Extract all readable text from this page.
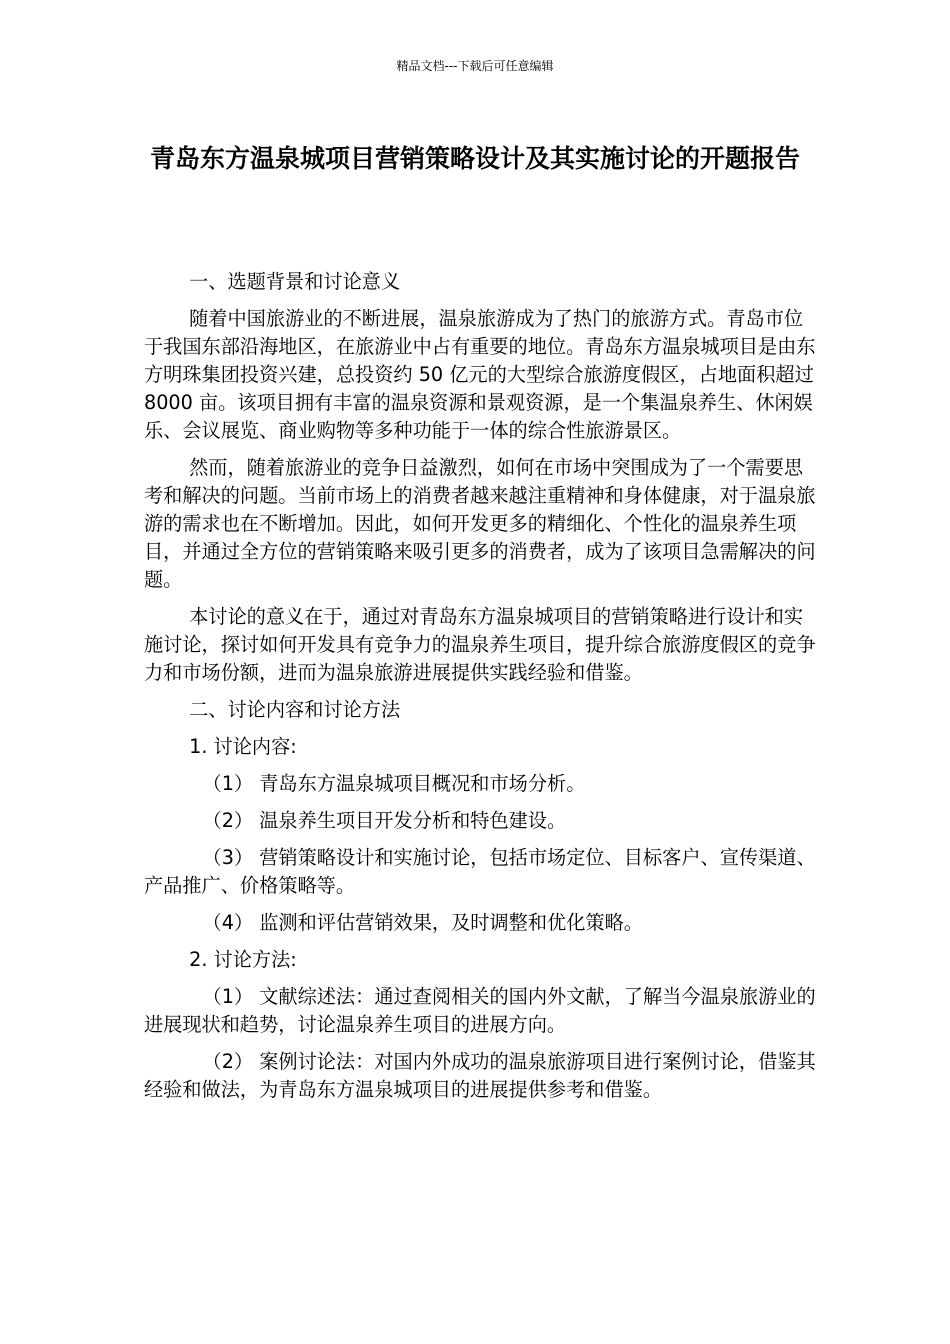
精品文档---下载后可任意编辑
青岛东方温泉城项目营销策略设计及其实施讨论的开题报告

一、选题背景和讨论意义

随着中国旅游业的不断进展，温泉旅游成为了热门的旅游方式。青岛市位于我国东部沿海地区，在旅游业中占有重要的地位。青岛东方温泉城项目是由东方明珠集团投资兴建，总投资约 50 亿元的大型综合旅游度假区，占地面积超过 8000 亩。该项目拥有丰富的温泉资源和景观资源，是一个集温泉养生、休闲娱乐、会议展览、商业购物等多种功能于一体的综合性旅游景区。

然而，随着旅游业的竞争日益激烈，如何在市场中突围成为了一个需要思考和解决的问题。当前市场上的消费者越来越注重精神和身体健康，对于温泉旅游的需求也在不断增加。因此，如何开发更多的精细化、个性化的温泉养生项目，并通过全方位的营销策略来吸引更多的消费者，成为了该项目急需解决的问题。

本讨论的意义在于，通过对青岛东方温泉城项目的营销策略进行设计和实施讨论，探讨如何开发具有竞争力的温泉养生项目，提升综合旅游度假区的竞争力和市场份额，进而为温泉旅游进展提供实践经验和借鉴。

二、讨论内容和讨论方法

1. 讨论内容:

（1） 青岛东方温泉城项目概况和市场分析。

（2） 温泉养生项目开发分析和特色建设。

（3） 营销策略设计和实施讨论，包括市场定位、目标客户、宣传渠道、产品推广、价格策略等。

（4） 监测和评估营销效果，及时调整和优化策略。

2. 讨论方法:

（1） 文献综述法：通过查阅相关的国内外文献，了解当今温泉旅游业的进展现状和趋势，讨论温泉养生项目的进展方向。

（2） 案例讨论法：对国内外成功的温泉旅游项目进行案例讨论，借鉴其经验和做法，为青岛东方温泉城项目的进展提供参考和借鉴。
